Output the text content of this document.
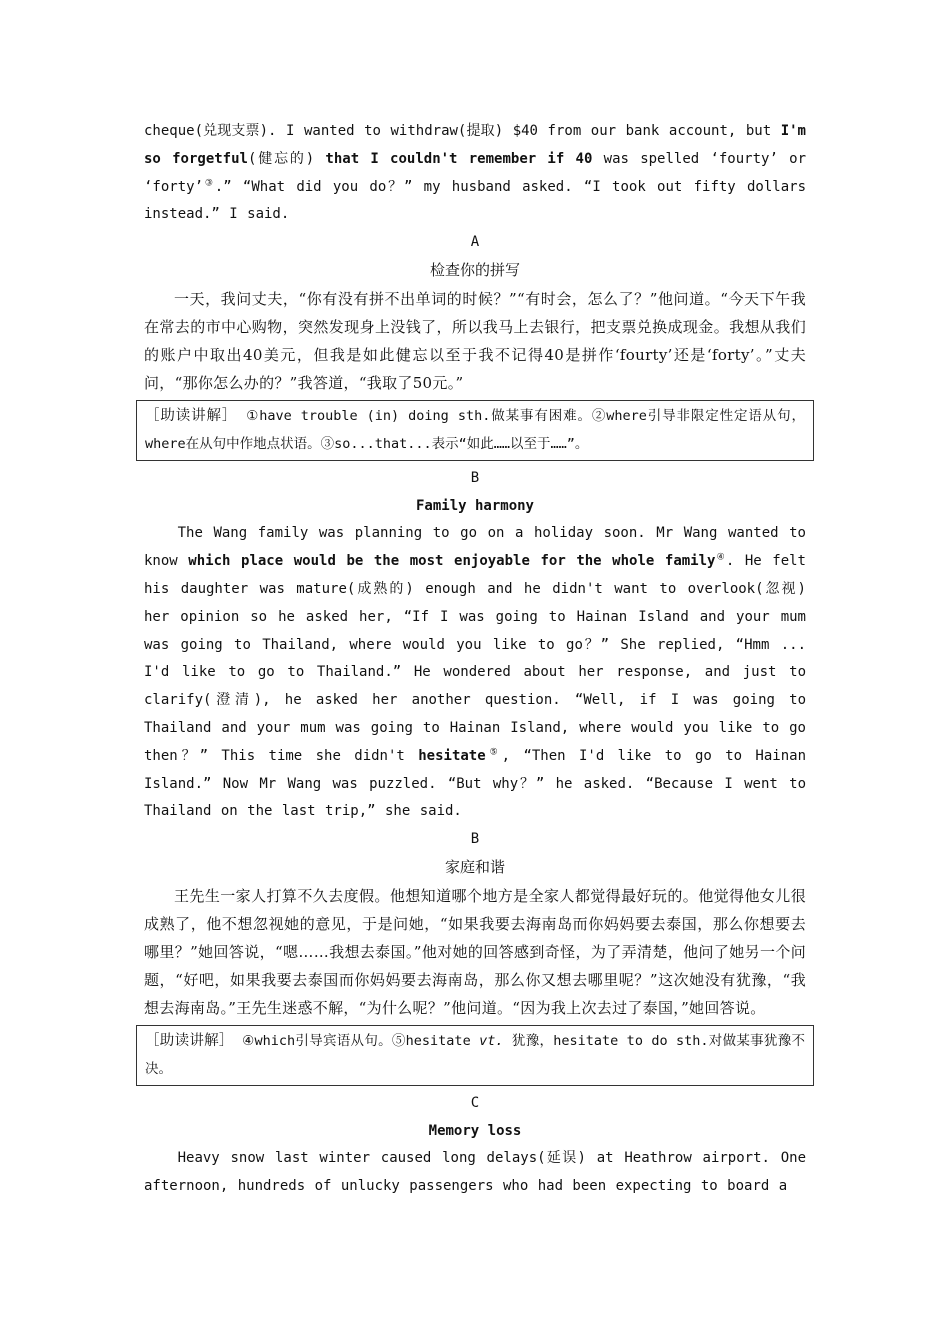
cheque(兑现支票). I wanted to withdraw(提取) $40 from our bank account, but I'm so forgetful(健忘的) that I couldn't remember if 40 was spelled ‘fourty’ or ‘forty’③.” “What did you do？” my husband asked. “I took out fifty dollars instead.” I said.

A

检查你的拼写

一天，我问丈夫，“你有没有拼不出单词的时候？”“有时会，怎么了？”他问道。“今天下午我在常去的市中心购物，突然发现身上没钱了，所以我马上去银行，把支票兑换成现金。我想从我们的账户中取出40美元，但我是如此健忘以至于我不记得40是拼作‘fourty’还是‘forty’。”丈夫问，“那你怎么办的？”我答道，“我取了50元。”

［助读讲解］ ①have trouble (in) doing sth.做某事有困难。②where引导非限定性定语从句，where在从句中作地点状语。③so...that...表示“如此……以至于……”。

B

Family harmony

The Wang family was planning to go on a holiday soon. Mr Wang wanted to know which place would be the most enjoyable for the whole family④. He felt his daughter was mature(成熟的) enough and he didn't want to overlook(忽视) her opinion so he asked her, “If I was going to Hainan Island and your mum was going to Thailand, where would you like to go？” She replied, “Hmm ... I'd like to go to Thailand.” He wondered about her response, and just to clarify(澄清), he asked her another question. “Well, if I was going to Thailand and your mum was going to Hainan Island, where would you like to go then？” This time she didn't hesitate⑤, “Then I'd like to go to Hainan Island.” Now Mr Wang was puzzled. “But why？” he asked. “Because I went to Thailand on the last trip,” she said.

B

家庭和谐

王先生一家人打算不久去度假。他想知道哪个地方是全家人都觉得最好玩的。他觉得他女儿很成熟了，他不想忽视她的意见，于是问她，“如果我要去海南岛而你妈妈要去泰国，那么你想要去哪里？”她回答说，“嗯……我想去泰国。”他对她的回答感到奇怪，为了弄清楚，他问了她另一个问题，“好吧，如果我要去泰国而你妈妈要去海南岛，那么你又想去哪里呢？”这次她没有犹豫，“我想去海南岛。”王先生迷惑不解，“为什么呢？”他问道。“因为我上次去过了泰国，”她回答说。

［助读讲解］ ④which引导宾语从句。⑤hesitate vt. 犹豫，hesitate to do sth.对做某事犹豫不决。

C

Memory loss

Heavy snow last winter caused long delays(延误) at Heathrow airport. One afternoon, hundreds of unlucky passengers who had been expecting to board a
